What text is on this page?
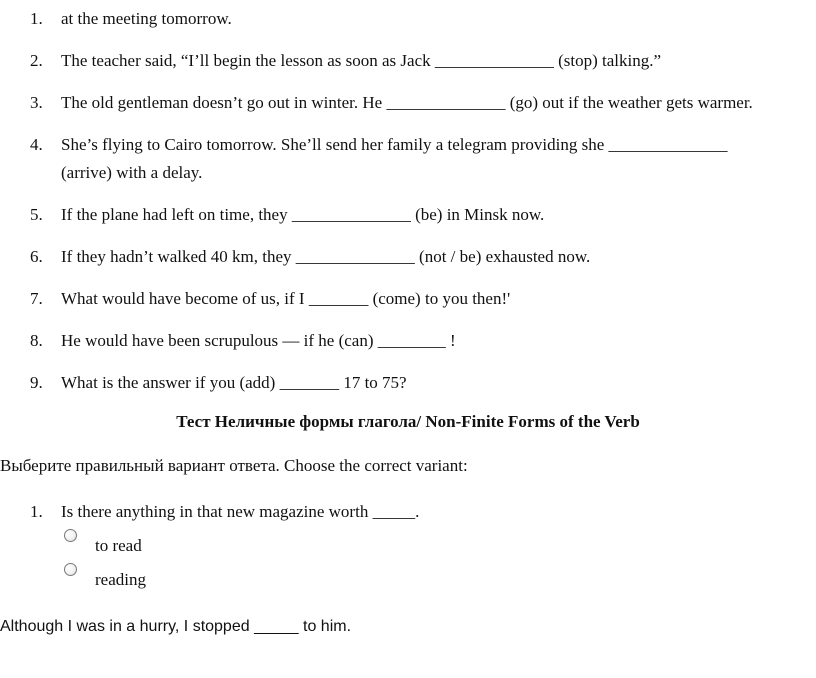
1.	at the meeting tomorrow.
2.	The teacher said, “I’ll begin the lesson as soon as Jack ______________ (stop) talking.”
3.	The old gentleman doesn’t go out in winter. He ______________ (go) out if the weather gets warmer.
4.	She’s flying to Cairo tomorrow. She’ll send her family a telegram providing she ______________
(arrive) with a delay.
5.	If the plane had left on time, they ______________ (be) in Minsk now.
6.	If they hadn’t walked 40 km, they ______________ (not / be) exhausted now.
7.	What would have become of us, if I _______ (come) to you then!'
8.	He would have been scrupulous — if he (can) ________ !
9.	What is the answer if you (add) _______ 17 to 75?
Тест Неличные формы глагола/ Non-Finite Forms of the Verb
Выберите правильный вариант ответа. Choose the correct variant:
1.	Is there anything in that new magazine worth _____.
to read
reading
Although I was in a hurry, I stopped _____ to him.
